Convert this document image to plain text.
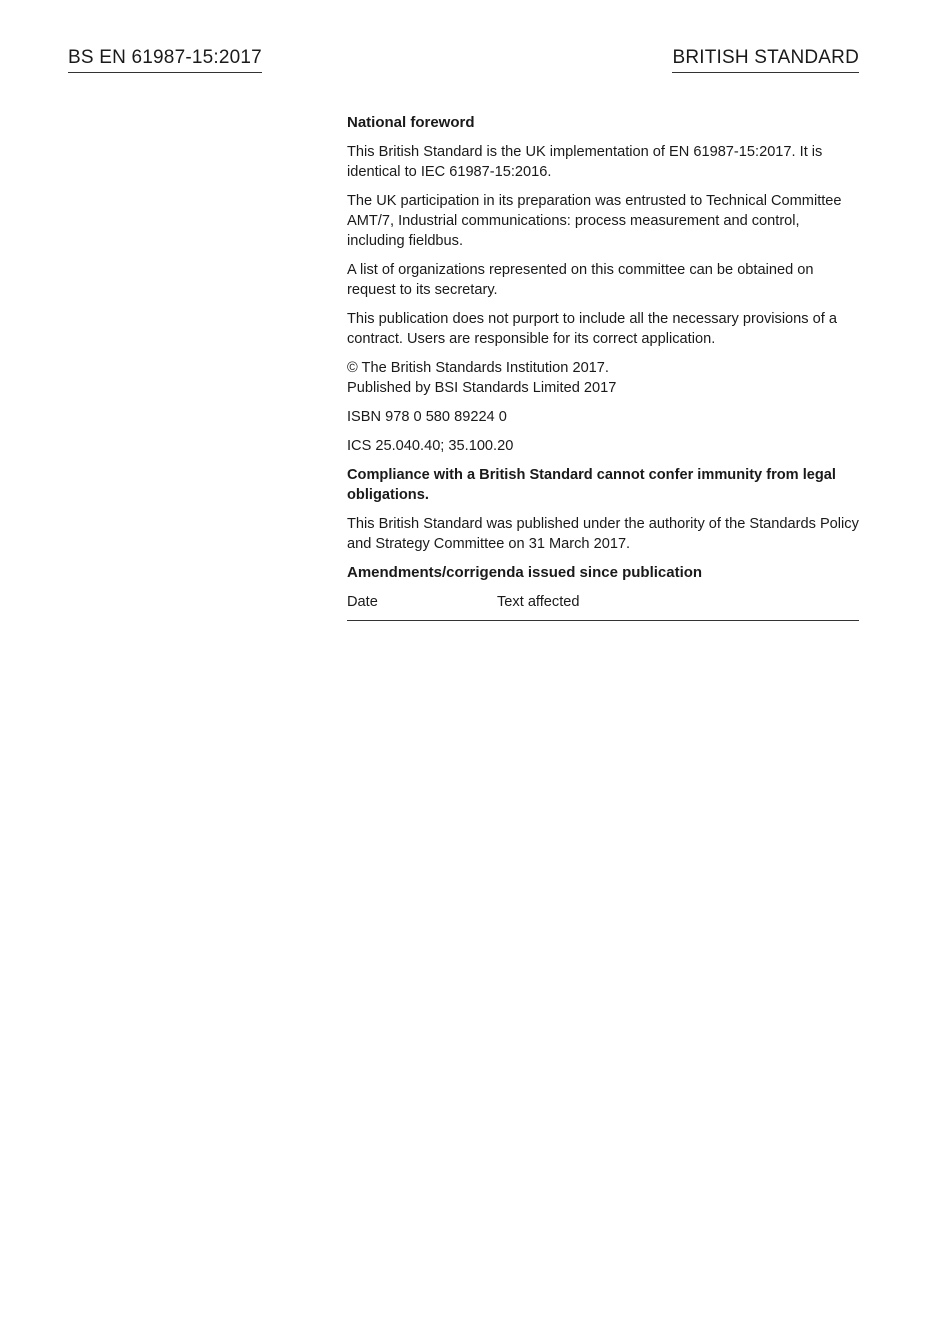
BS EN 61987-15:2017	BRITISH STANDARD
National foreword

This British Standard is the UK implementation of EN 61987-15:2017. It is identical to IEC 61987-15:2016.

The UK participation in its preparation was entrusted to Technical Committee AMT/7, Industrial communications: process measurement and control, including fieldbus.

A list of organizations represented on this committee can be obtained on request to its secretary.

This publication does not purport to include all the necessary provisions of a contract. Users are responsible for its correct application.

© The British Standards Institution 2017.
Published by BSI Standards Limited 2017

ISBN 978 0 580 89224 0

ICS 25.040.40; 35.100.20

Compliance with a British Standard cannot confer immunity from legal obligations.

This British Standard was published under the authority of the Standards Policy and Strategy Committee on 31 March 2017.

Amendments/corrigenda issued since publication
Date	Text affected
